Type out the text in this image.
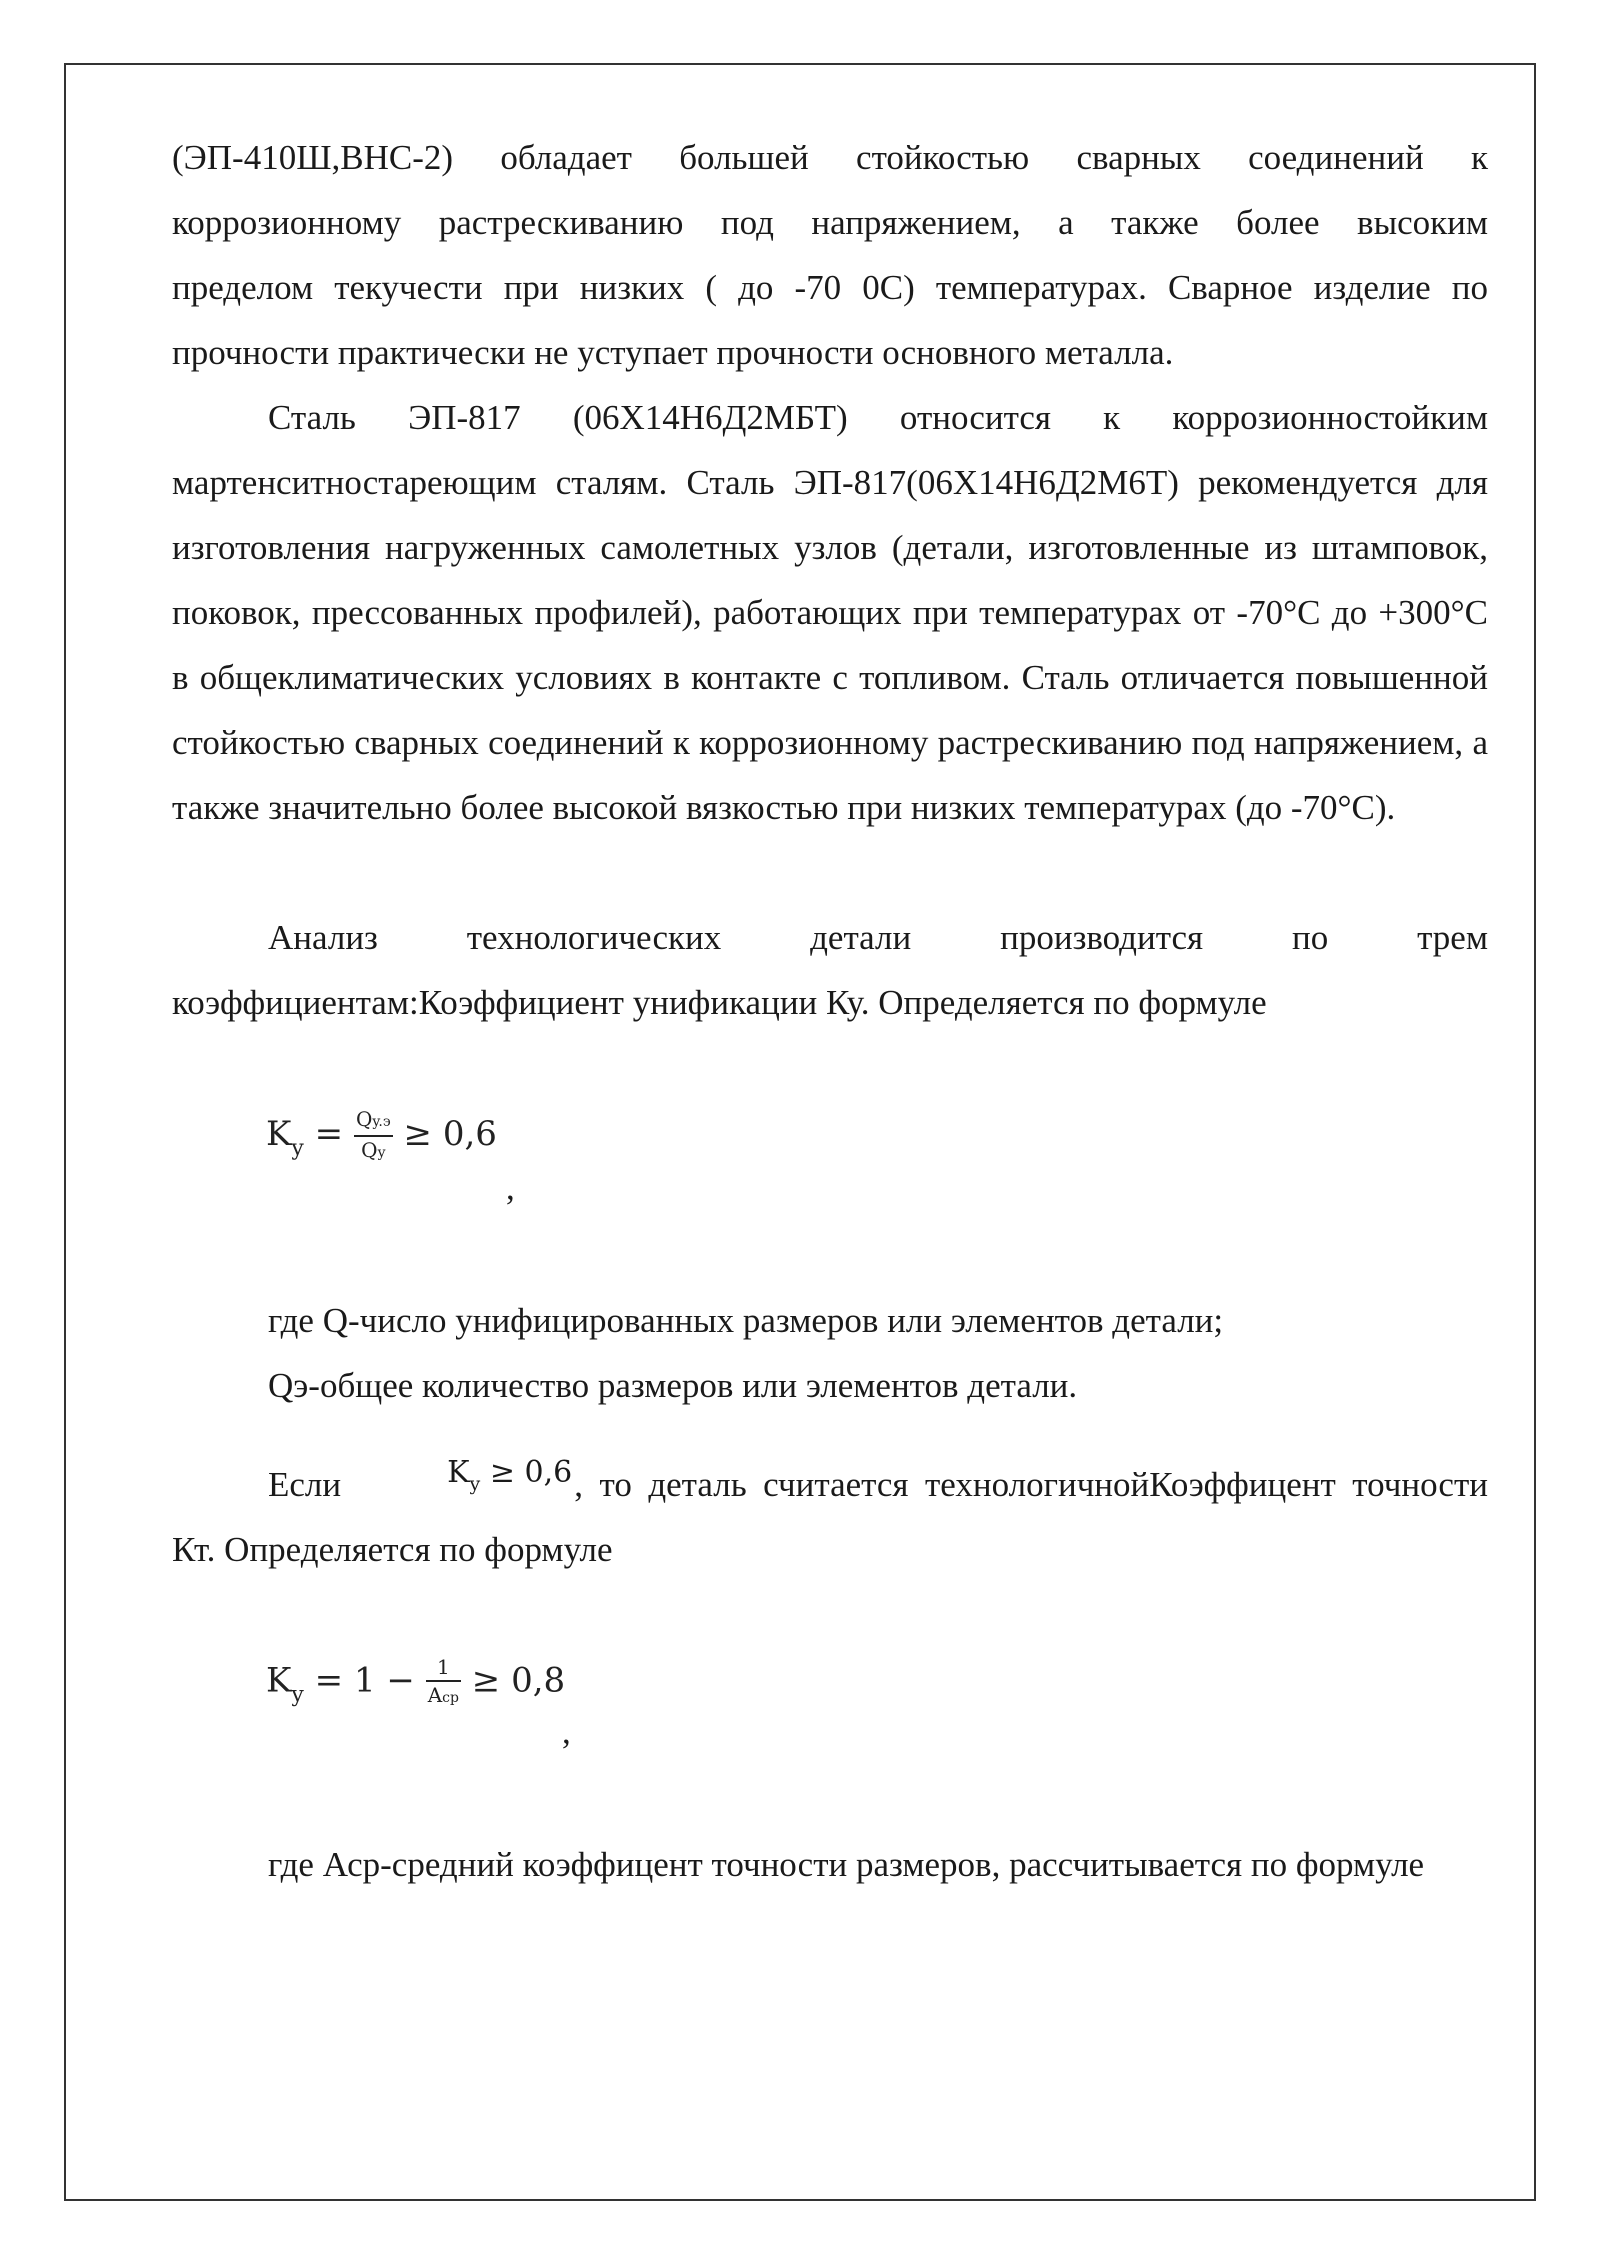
(ЭП-410Ш,ВНС-2) обладает большей стойкостью сварных соединений к

коррозионному растрескиванию под напряжением, а также более высоким

пределом текучести при низких ( до -70 0С) температурах. Сварное изделие по

прочности практически не уступает прочности основного металла.

Сталь ЭП-817 (06Х14Н6Д2МБТ) относится к коррозионностойким мартенситностареющим сталям. Сталь ЭП-817(06Х14Н6Д2М6Т) рекомендуется для изготовления нагруженных самолетных узлов (детали, изготовленные из штамповок, поковок, прессованных профилей), работающих при температурах от -70°С до +300°С в общеклиматических условиях в контакте с топливом. Сталь отличается повышенной стойкостью сварных соединений к коррозионному растрескиванию под напряжением, а также значительно более высокой вязкостью при низких температурах (до -70°С).

Анализ технологических детали производится по трем коэффициентам:Коэффициент унификации Ку. Определяется по формуле

$K_y = \frac{Qy.э}{Qy} \ge 0,6$
,

где Q-число унифицированных размеров или элементов детали;

Qэ-общее количество размеров или элементов детали.

Если	$K_y \ge 0,6$, то деталь считается технологичнойКоэффицент точности Кт. Определяется по формуле

$K_y = 1 - \frac{1}{\text{Acp}} \ge 0,8$
,

где Аср-средний коэффицент точности размеров, рассчитывается по формуле
